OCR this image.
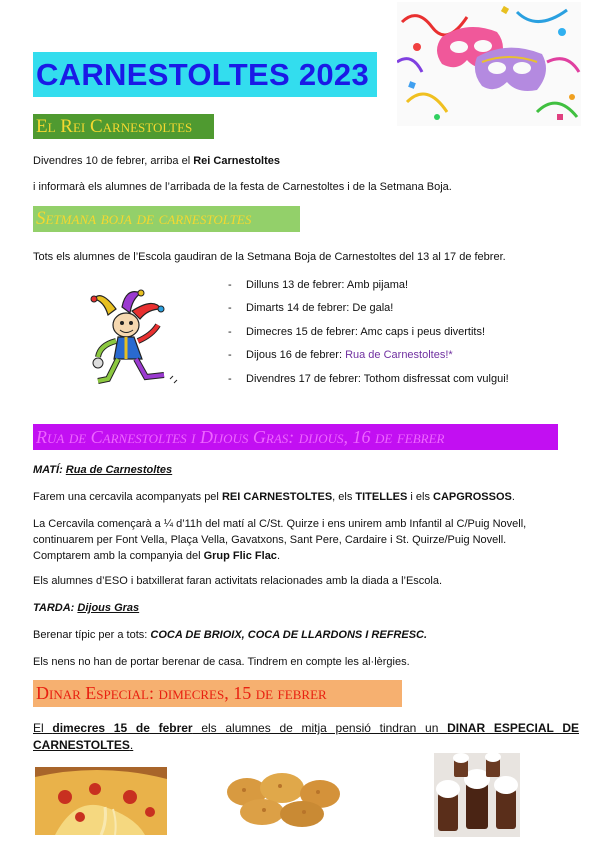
CARNESTOLTES 2023
El Rei Carnestoltes
Divendres 10 de febrer, arriba el Rei Carnestoltes
i informarà els alumnes de l’arribada de la festa de Carnestoltes i de la Setmana Boja.
Setmana boja de carnestoltes
Tots els alumnes de l’Escola gaudiran de la Setmana Boja de Carnestoltes del 13 al 17 de febrer.
- Dilluns 13 de febrer: Amb pijama!
- Dimarts 14 de febrer: De gala!
- Dimecres 15 de febrer: Amc caps i peus divertits!
- Dijous 16 de febrer: Rua de Carnestoltes!*
- Divendres 17 de febrer: Tothom disfressat com vulgui!
Rua de Carnestoltes i Dijous Gras: dijous, 16 de febrer
MATÍ: Rua de Carnestoltes
Farem una cercavila acompanyats pel REI CARNESTOLTES, els TITELLES i els CAPGROSSOS.
La Cercavila començarà a ¼ d’11h del matí al C/St. Quirze i ens unirem amb Infantil al C/Puig Novell,
continuarem per Font Vella, Plaça Vella, Gavatxons, Sant Pere, Cardaire i St. Quirze/Puig Novell.
Comptarem amb la companyia del Grup Flic Flac.
Els alumnes d’ESO i batxillerat faran activitats relacionades amb la diada a l’Escola.
TARDA: Dijous Gras
Berenar típic per a tots: COCA DE BRIOIX, COCA DE LLARDONS I REFRESC.
Els nens no han de portar berenar de casa. Tindrem en compte les al·lèrgies.
Dinar Especial: dimecres, 15 de febrer
El dimecres 15 de febrer els alumnes de mitja pensió tindran un DINAR ESPECIAL DE CARNESTOLTES.
